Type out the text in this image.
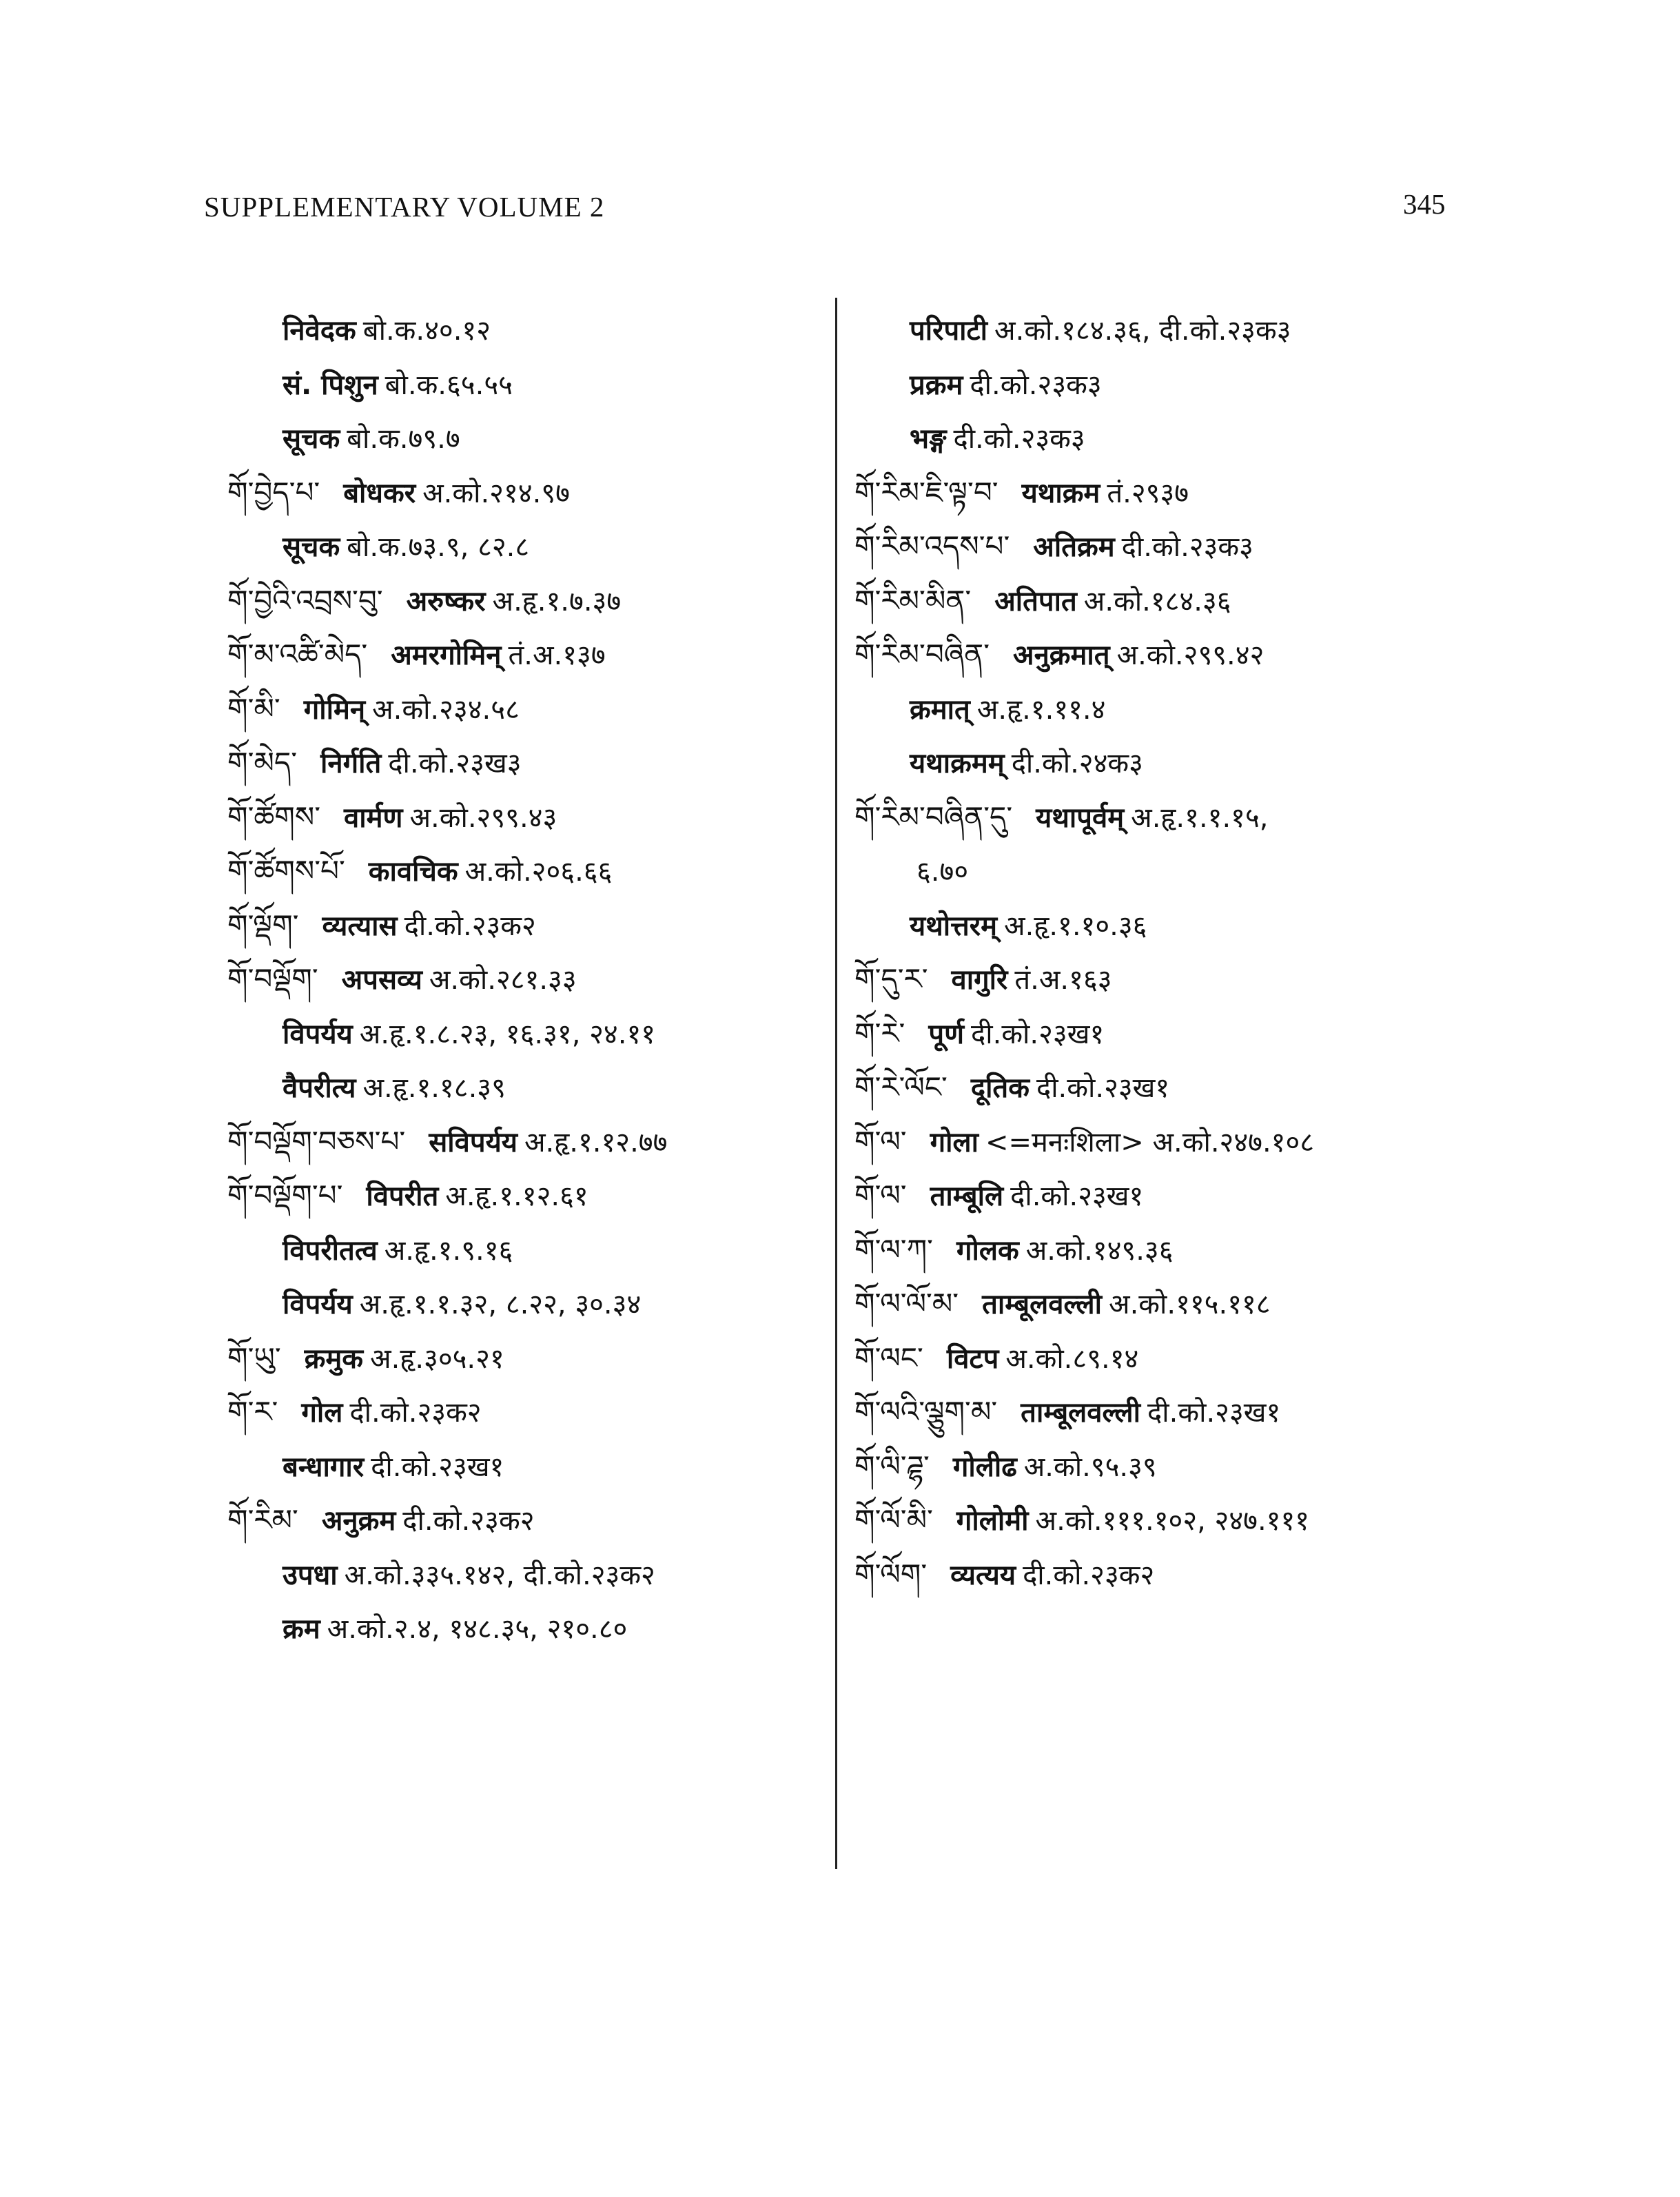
SUPPLEMENTARY VOLUME 2	345
निवेदक बो.क.४०.१२
सं. पिशुन बो.क.६५.५५
सूचक बो.क.७९.७
གོ་བྱེད་པ་ बोधकर अ.को.२१४.९७
सूचक बो.क.७३.९, ८२.८
གོ་བྱེའི་འབྲས་བུ་ अरुष्कर अ.हृ.१.७.३७
གོ་མ་འཚི་མེད་ अमरगोमिन् तं.अ.१३७
གོ་མི་ गोमिन् अ.को.२३४.५८
གོ་མེད་ निर्गति दी.को.२३ख३
གོ་ཚོགས་ वार्मण अ.को.२९९.४३
གོ་ཚོགས་པོ་ कावचिक अ.को.२०६.६६
གོ་ལྡོག་ व्यत्यास दी.को.२३क२
གོ་བལྡོག་ अपसव्य अ.को.२८१.३३
विपर्यय अ.हृ.१.८.२३, १६.३१, २४.११
वैपरीत्य अ.हृ.१.१८.३९
གོ་བལྡོག་བཅས་པ་ सविपर्यय अ.हृ.१.१२.७७
གོ་བལྡོག་པ་ विपरीत अ.हृ.१.१२.६१
विपरीतत्व अ.हृ.१.९.१६
विपर्यय अ.हृ.१.१.३२, ८.२२, ३०.३४
གོ་ཡུ་ क्रमुक अ.हृ.३०५.२१
གོ་ར་ गोल दी.को.२३क२
बन्धागार दी.को.२३ख१
གོ་རིམ་ अनुक्रम दी.को.२३क२
उपधा अ.को.३३५.१४२, दी.को.२३क२
क्रम अ.को.२.४, १४८.३५, २१०.८०
परिपाटी अ.को.१८४.३६, दी.को.२३क३
प्रक्रम दी.को.२३क३
भङ्ग दी.को.२३क३
གོ་རིམ་ཇི་ལྟ་བ་ यथाक्रम तं.२९३७
གོ་རིམ་འདས་པ་ अतिक्रम दी.को.२३क३
གོ་རིམ་མིན་ अतिपात अ.को.१८४.३६
གོ་རིམ་བཞིན་ अनुक्रमात् अ.को.२९९.४२
क्रमात् अ.हृ.१.११.४
यथाक्रमम् दी.को.२४क३
གོ་རིམ་བཞིན་དུ་ यथापूर्वम् अ.हृ.१.१.१५,
६.७०
यथोत्तरम् अ.हृ.१.१०.३६
གོ་དུ་ར་ वागुरि तं.अ.१६३
གོ་རེ་ पूर्ण दी.को.२३ख१
གོ་རེ་ལོང་ दूतिक दी.को.२३ख१
གོ་ལ་ गोला <=मनःशिला> अ.को.२४७.१०८
གོ་ལ་ ताम्बूलि दी.को.२३ख१
གོ་ལ་ཀ་ गोलक अ.को.१४९.३६
གོ་ལ་ལོ་མ་ ताम्बूलवल्ली अ.को.११५.११८
གོ་ལང་ विटप अ.को.८९.१४
གོ་ལའི་ལྕུག་མ་ ताम्बूलवल्ली दी.को.२३ख१
གོ་ལི་ཌྷ་ गोलीढ अ.को.९५.३९
གོ་ལོ་མི་ गोलोमी अ.को.१११.१०२, २४७.१११
གོ་ལོག་ व्यत्यय दी.को.२३क२
